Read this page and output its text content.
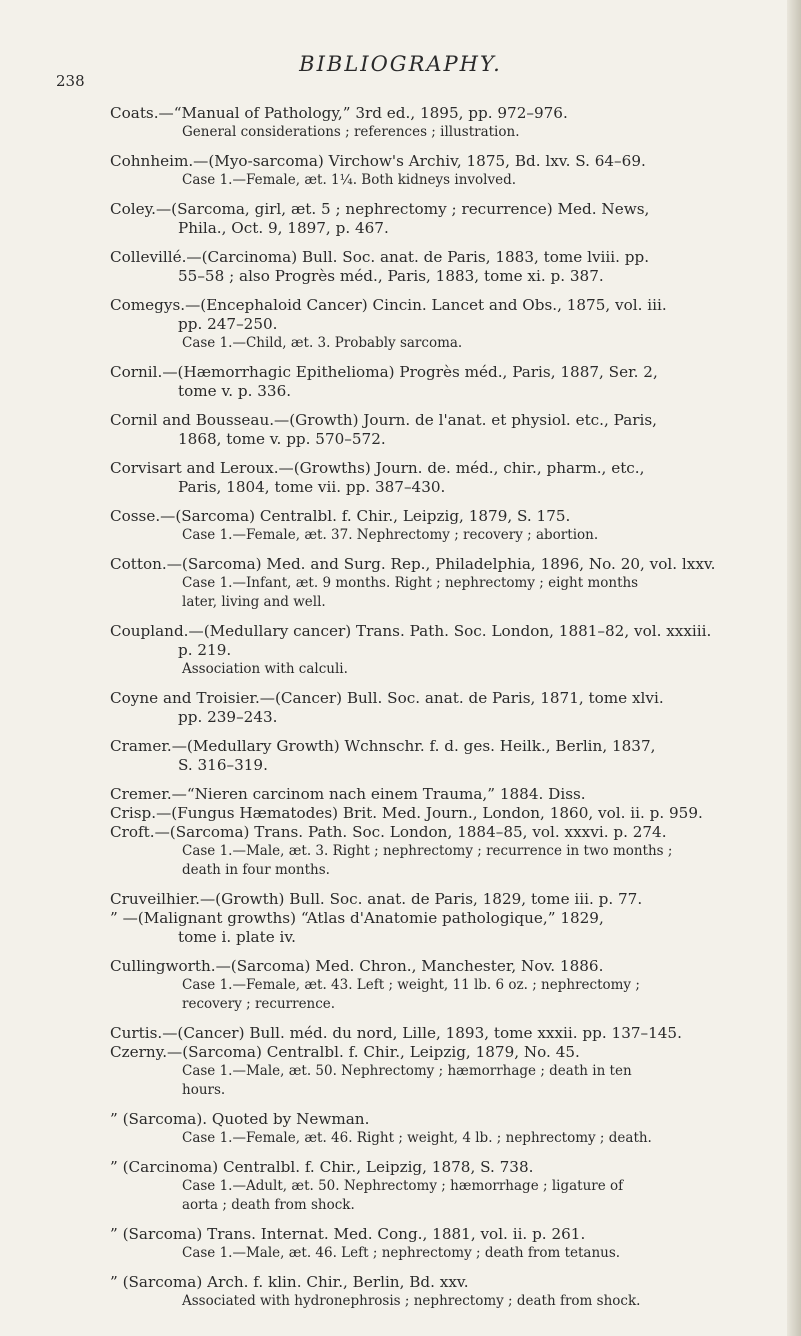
238
BIBLIOGRAPHY.
Coats.—“Manual of Pathology,” 3rd ed., 1895, pp. 972–976.
General considerations ; references ; illustration.
Cohnheim.—(Myo-sarcoma) Virchow's Archiv, 1875, Bd. lxv. S. 64–69.
Case 1.—Female, æt. 1¼. Both kidneys involved.
Coley.—(Sarcoma, girl, æt. 5 ; nephrectomy ; recurrence) Med. News,
Phila., Oct. 9, 1897, p. 467.
Collevillé.—(Carcinoma) Bull. Soc. anat. de Paris, 1883, tome lviii. pp.
55–58 ; also Progrès méd., Paris, 1883, tome xi. p. 387.
Comegys.—(Encephaloid Cancer) Cincin. Lancet and Obs., 1875, vol. iii.
pp. 247–250.
Case 1.—Child, æt. 3. Probably sarcoma.
Cornil.—(Hæmorrhagic Epithelioma) Progrès méd., Paris, 1887, Ser. 2,
tome v. p. 336.
Cornil and Bousseau.—(Growth) Journ. de l'anat. et physiol. etc., Paris,
1868, tome v. pp. 570–572.
Corvisart and Leroux.—(Growths) Journ. de. méd., chir., pharm., etc.,
Paris, 1804, tome vii. pp. 387–430.
Cosse.—(Sarcoma) Centralbl. f. Chir., Leipzig, 1879, S. 175.
Case 1.—Female, æt. 37. Nephrectomy ; recovery ; abortion.
Cotton.—(Sarcoma) Med. and Surg. Rep., Philadelphia, 1896, No. 20, vol. lxxv.
Case 1.—Infant, æt. 9 months. Right ; nephrectomy ; eight months
later, living and well.
Coupland.—(Medullary cancer) Trans. Path. Soc. London, 1881–82, vol. xxxiii.
p. 219.
Association with calculi.
Coyne and Troisier.—(Cancer) Bull. Soc. anat. de Paris, 1871, tome xlvi.
pp. 239–243.
Cramer.—(Medullary Growth) Wchnschr. f. d. ges. Heilk., Berlin, 1837,
S. 316–319.
Cremer.—“Nieren carcinom nach einem Trauma,” 1884. Diss.
Crisp.—(Fungus Hæmatodes) Brit. Med. Journ., London, 1860, vol. ii. p. 959.
Croft.—(Sarcoma) Trans. Path. Soc. London, 1884–85, vol. xxxvi. p. 274.
Case 1.—Male, æt. 3. Right ; nephrectomy ; recurrence in two months ;
death in four months.
Cruveilhier.—(Growth) Bull. Soc. anat. de Paris, 1829, tome iii. p. 77.
” —(Malignant growths) “Atlas d'Anatomie pathologique,” 1829,
tome i. plate iv.
Cullingworth.—(Sarcoma) Med. Chron., Manchester, Nov. 1886.
Case 1.—Female, æt. 43. Left ; weight, 11 lb. 6 oz. ; nephrectomy ;
recovery ; recurrence.
Curtis.—(Cancer) Bull. méd. du nord, Lille, 1893, tome xxxii. pp. 137–145.
Czerny.—(Sarcoma) Centralbl. f. Chir., Leipzig, 1879, No. 45.
Case 1.—Male, æt. 50. Nephrectomy ; hæmorrhage ; death in ten
hours.
” (Sarcoma). Quoted by Newman.
Case 1.—Female, æt. 46. Right ; weight, 4 lb. ; nephrectomy ; death.
” (Carcinoma) Centralbl. f. Chir., Leipzig, 1878, S. 738.
Case 1.—Adult, æt. 50. Nephrectomy ; hæmorrhage ; ligature of
aorta ; death from shock.
” (Sarcoma) Trans. Internat. Med. Cong., 1881, vol. ii. p. 261.
Case 1.—Male, æt. 46. Left ; nephrectomy ; death from tetanus.
” (Sarcoma) Arch. f. klin. Chir., Berlin, Bd. xxv.
Associated with hydronephrosis ; nephrectomy ; death from shock.
